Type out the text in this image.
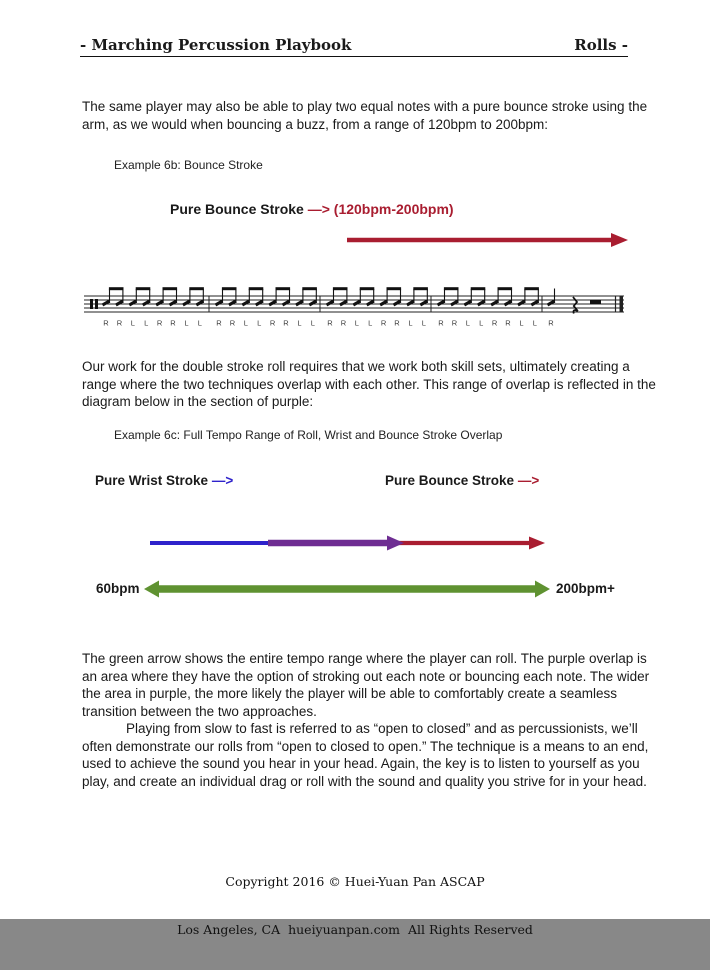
- Marching Percussion Playbook	Rolls -

The same player may also be able to play two equal notes with a pure bounce stroke using the arm, as we would when bouncing a buzz, from a range of 120bpm to 200bpm:

Example 6b: Bounce Stroke
Pure Bounce Stroke —> (120bpm-200bpm)
R R L L R R L L R R L L R R L L R R L L R R L L R R L L R R L L R

Our work for the double stroke roll requires that we work both skill sets, ultimately creating a range where the two techniques overlap with each other. This range of overlap is reflected in the diagram below in the section of purple:

Example 6c: Full Tempo Range of Roll, Wrist and Bounce Stroke Overlap
Pure Wrist Stroke —>	Pure Bounce Stroke —>
60bpm	200bpm+

The green arrow shows the entire tempo range where the player can roll. The purple overlap is an area where they have the option of stroking out each note or bouncing each note. The wider the area in purple, the more likely the player will be able to comfortably create a seamless transition between the two approaches.

Playing from slow to fast is referred to as “open to closed” and as percussionists, we’ll often demonstrate our rolls from “open to closed to open.” The technique is a means to an end, used to achieve the sound you hear in your head. Again, the key is to listen to yourself as you play, and create an individual drag or roll with the sound and quality you strive for in your head.

Copyright 2016 © Huei-Yuan Pan ASCAP

Los Angeles, CA  hueiyuanpan.com  All Rights Reserved
